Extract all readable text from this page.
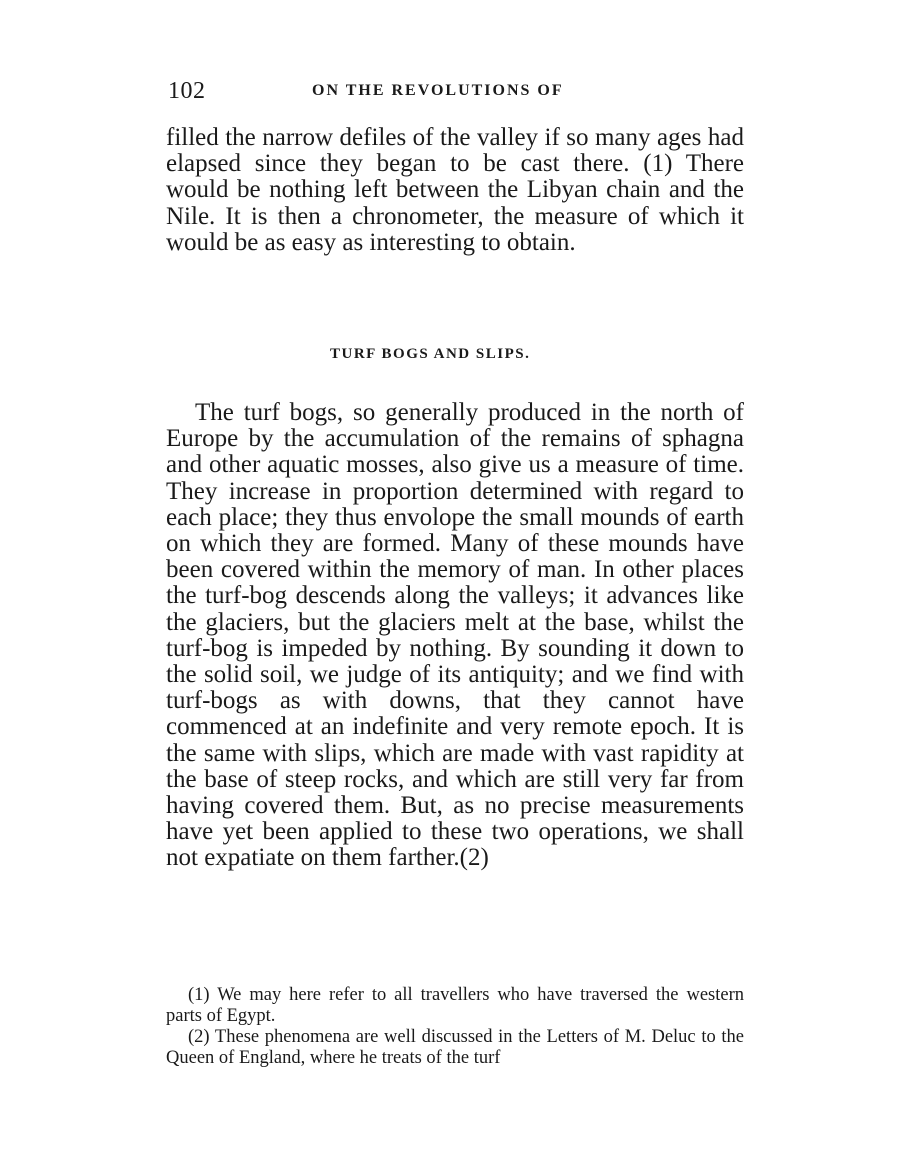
102	ON THE REVOLUTIONS OF

filled the narrow defiles of the valley if so many ages had elapsed since they began to be cast there. (1) There would be nothing left between the Libyan chain and the Nile. It is then a chronometer, the measure of which it would be as easy as interesting to obtain.

TURF BOGS AND SLIPS.

The turf bogs, so generally produced in the north of Europe by the accumulation of the remains of sphagna and other aquatic mosses, also give us a measure of time. They increase in proportion determined with regard to each place; they thus envolope the small mounds of earth on which they are formed. Many of these mounds have been covered within the memory of man. In other places the turf-bog descends along the valleys; it advances like the glaciers, but the glaciers melt at the base, whilst the turf-bog is impeded by nothing. By sounding it down to the solid soil, we judge of its antiquity; and we find with turf-bogs as with downs, that they cannot have commenced at an indefinite and very remote epoch. It is the same with slips, which are made with vast rapidity at the base of steep rocks, and which are still very far from having covered them. But, as no precise measurements have yet been applied to these two operations, we shall not expatiate on them farther.(2)

(1) We may here refer to all travellers who have traversed the western parts of Egypt.

(2) These phenomena are well discussed in the Letters of M. Deluc to the Queen of England, where he treats of the turf
